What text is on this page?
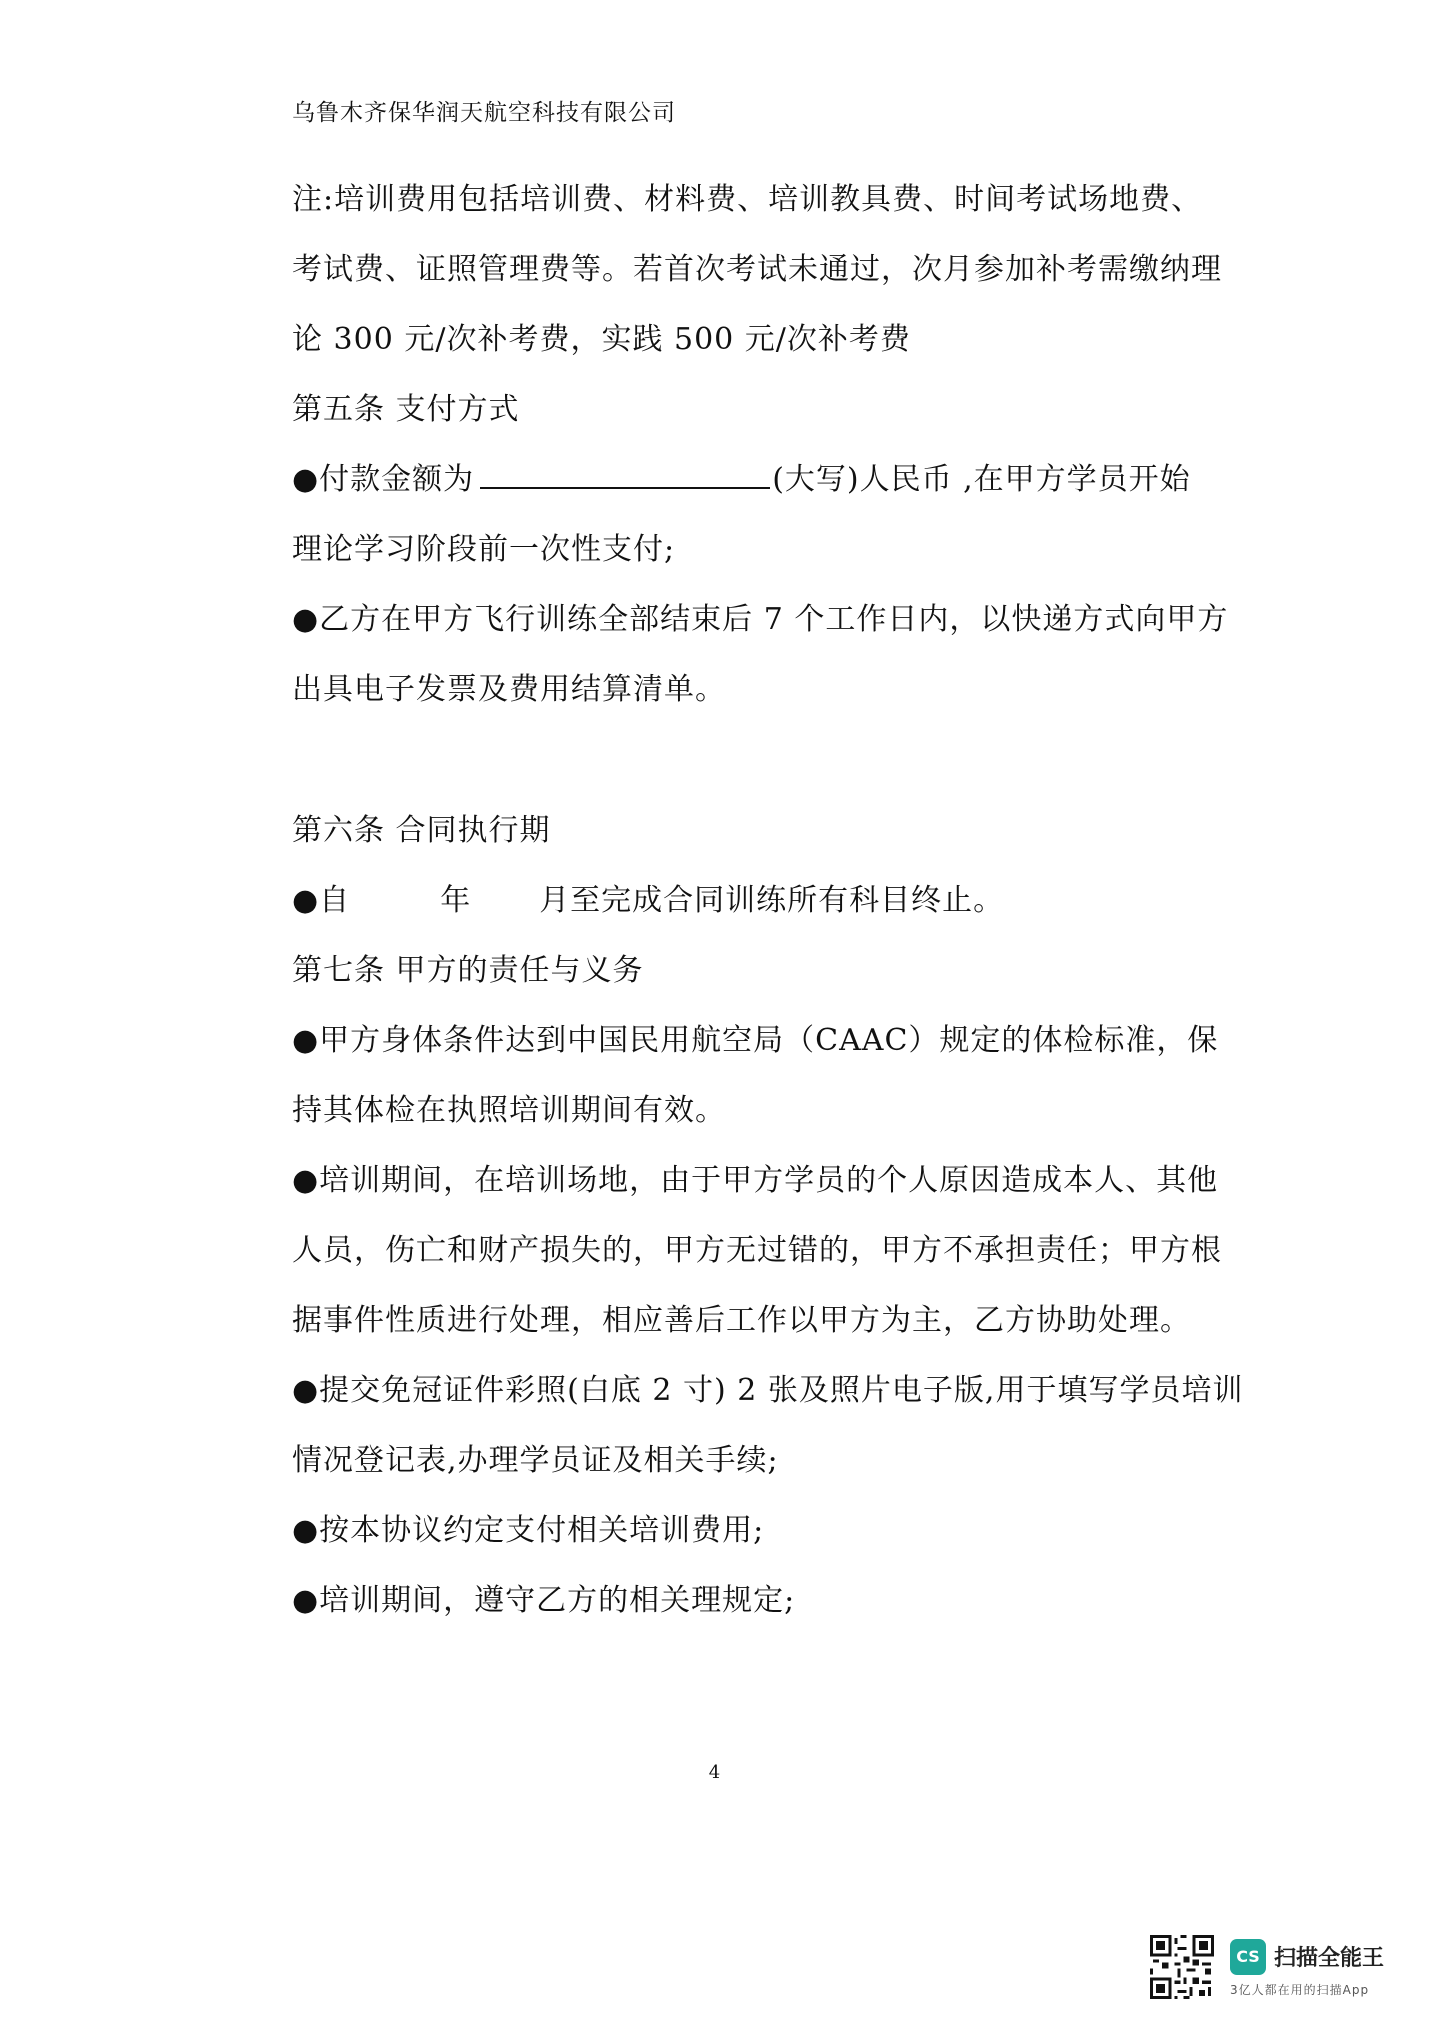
乌鲁木齐保华润天航空科技有限公司
注:培训费用包括培训费、材料费、培训教具费、时间考试场地费、
考试费、证照管理费等。若首次考试未通过，次月参加补考需缴纳理
论 300 元/次补考费，实践 500 元/次补考费
第五条 支付方式
●付款金额为	(大写)人民币 ,在甲方学员开始
理论学习阶段前一次性支付;
●乙方在甲方飞行训练全部结束后 7 个工作日内，以快递方式向甲方
出具电子发票及费用结算清单。
第六条 合同执行期
●自	年 月至完成合同训练所有科目终止。
第七条 甲方的责任与义务
●甲方身体条件达到中国民用航空局（CAAC）规定的体检标准，保
持其体检在执照培训期间有效。
●培训期间，在培训场地，由于甲方学员的个人原因造成本人、其他
人员，伤亡和财产损失的，甲方无过错的，甲方不承担责任；甲方根
据事件性质进行处理，相应善后工作以甲方为主，乙方协助处理。
●提交免冠证件彩照(白底 2 寸) 2 张及照片电子版,用于填写学员培训
情况登记表,办理学员证及相关手续;
●按本协议约定支付相关培训费用;
●培训期间，遵守乙方的相关理规定;
4
CS 扫描全能王
3亿人都在用的扫描App
